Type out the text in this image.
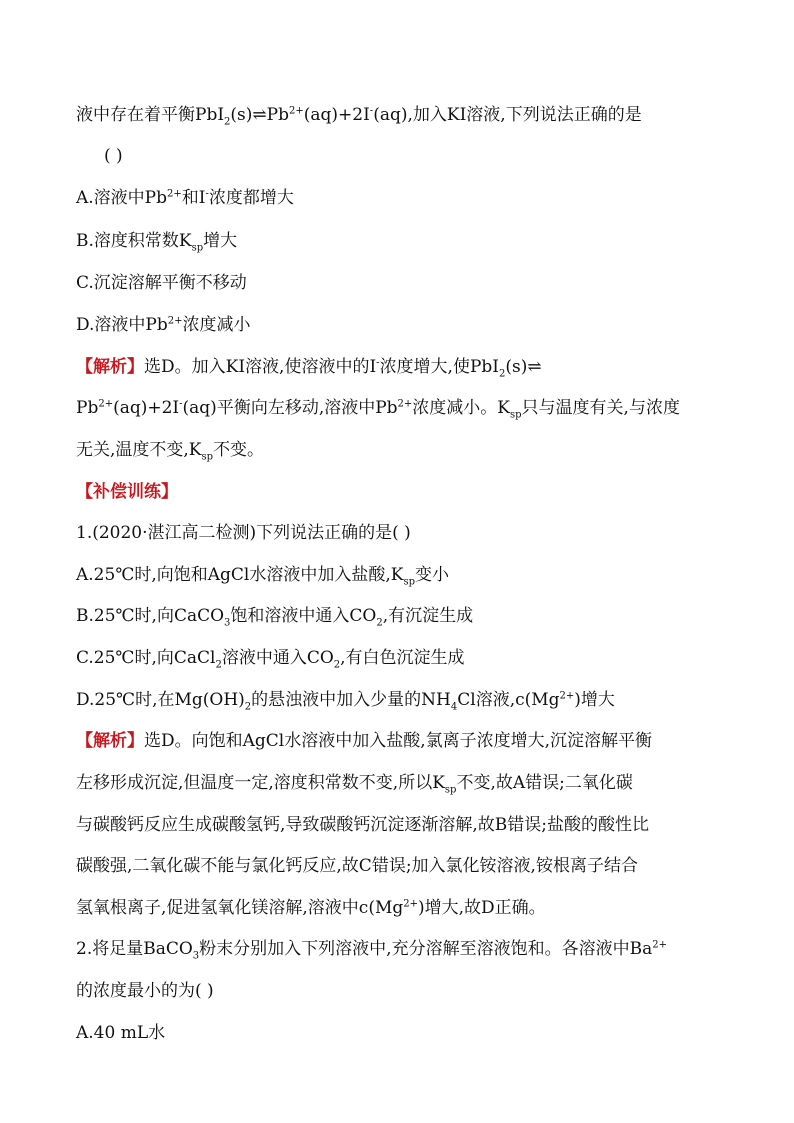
液中存在着平衡$PbI_2(s)\rightleftharpoons Pb^{2+}(aq)+2I^-(aq)$,加入KI溶液,下列说法正确的是
( )
A.溶液中$Pb^{2+}$和I-浓度都增大
B.溶度积常数$K_{sp}$增大
C.沉淀溶解平衡不移动
D.溶液中$Pb^{2+}$浓度减小
【解析】选D。加入KI溶液,使溶液中的I-浓度增大,使PbI$_2$(s)⇌
$Pb^{2+}(aq)+2I^-(aq)$平衡向左移动,溶液中$Pb^{2+}$浓度减小。$K_{sp}$只与温度有关,与浓度
无关,温度不变$,K_{sp}$不变。
【补偿训练】
1.(2020·湛江高二检测)下列说法正确的是( )
A.25℃时,向饱和AgCl水溶液中加入盐酸$,K_{sp}$变小
B.25℃时,向CaCO$_3$饱和溶液中通入$CO_2$,有沉淀生成
C.25℃时,向CaCl$_2$溶液中通入$CO_2$,有白色沉淀生成
D.25℃时,在$Mg(OH)_2$的悬浊液中加入少量的$NH_4Cl$溶液$,c(Mg^{2+})$增大
【解析】选D。向饱和AgCl水溶液中加入盐酸,氯离子浓度增大,沉淀溶解平衡
左移形成沉淀,但温度一定,溶度积常数不变,所以$K_{sp}$不变,故A错误;二氧化碳
与碳酸钙反应生成碳酸氢钙,导致碳酸钙沉淀逐渐溶解,故B错误;盐酸的酸性比
碳酸强,二氧化碳不能与氯化钙反应,故C错误;加入氯化铵溶液,铵根离子结合
氢氧根离子,促进氢氧化镁溶解,溶液中$c(Mg^{2+})$增大,故D正确。
2.将足量BaCO$_3$粉末分别加入下列溶液中,充分溶解至溶液饱和。各溶液中$Ba^{2+}$
的浓度最小的为( )
A.40 mL水
